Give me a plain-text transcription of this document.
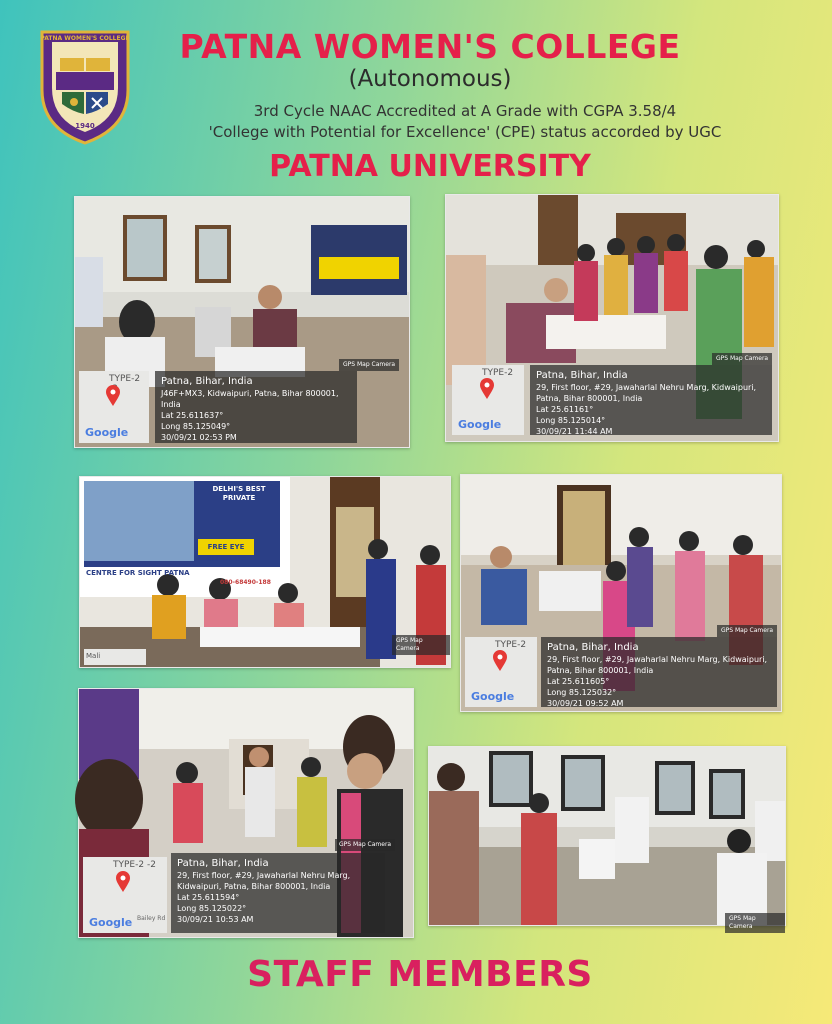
PATNA WOMEN'S COLLEGE
1940
PATNA WOMEN'S COLLEGE
(Autonomous)
3rd Cycle NAAC Accredited at A Grade with CGPA 3.58/4
'College with Potential for Excellence' (CPE) status accorded by UGC
PATNA UNIVERSITY
TYPE-2
Google
Patna, Bihar, India
J46F+MX3, Kidwaipuri, Patna, Bihar 800001, India
Lat 25.611637°
Long 85.125049°
30/09/21 02:53 PM
GPS Map Camera
TYPE-2
Google
Patna, Bihar, India
29, First floor, #29, Jawaharlal Nehru Marg, Kidwaipuri, Patna, Bihar 800001, India
Lat 25.61161°
Long 85.125014°
30/09/21 11:44 AM
GPS Map Camera
DELHI'S BEST PRIVATE
FREE EYE CHECK-UP
CENTRE FOR SIGHT PATNA
080-68490-188
Mali
GPS Map Camera	TYPE-2
Google
Patna, Bihar, India
29, First floor, #29, Jawaharlal Nehru Marg, Kidwaipuri, Patna, Bihar 800001, India
Lat 25.611605°
Long 85.125032°
30/09/21 09:52 AM
GPS Map Camera
TYPE-2 -2
Bailey Rd
Google
Patna, Bihar, India
29, First floor, #29, Jawaharlal Nehru Marg, Kidwaipuri, Patna, Bihar 800001, India
Lat 25.611594°
Long 85.125022°
30/09/21 10:53 AM
GPS Map Camera
GPS Map Camera
STAFF MEMBERS
